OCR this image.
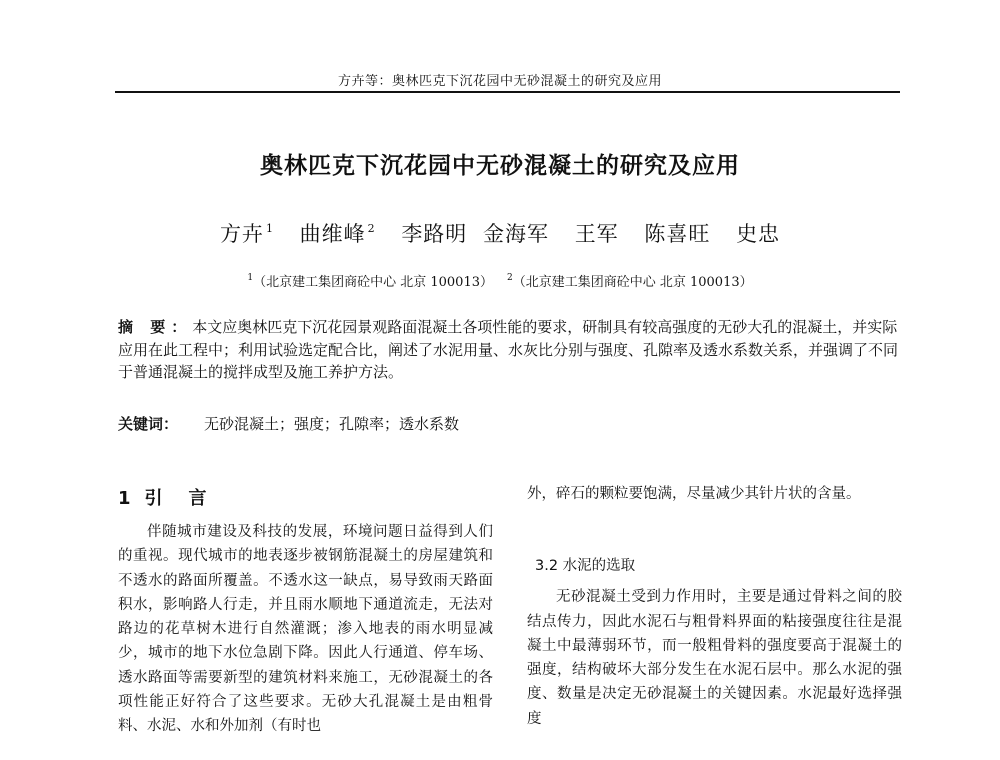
方卉等：奥林匹克下沉花园中无砂混凝土的研究及应用
奥林匹克下沉花园中无砂混凝土的研究及应用
方卉 $^1$ 曲维峰 $^2$ 李路明 金海军 王军 陈喜旺 史忠
$^1$（北京建工集团商砼中心 北京 100013） $^2$（北京建工集团商砼中心 北京 100013）
摘 要：本文应奥林匹克下沉花园景观路面混凝土各项性能的要求，研制具有较高强度的无砂大孔的混凝土，并实际应用在此工程中；利用试验选定配合比，阐述了水泥用量、水灰比分别与强度、孔隙率及透水系数关系，并强调了不同于普通混凝土的搅拌成型及施工养护方法。
关键词： 无砂混凝土；强度；孔隙率；透水系数
1 引言

伴随城市建设及科技的发展，环境问题日益得到人们的重视。现代城市的地表逐步被钢筋混凝土的房屋建筑和不透水的路面所覆盖。不透水这一缺点，易导致雨天路面积水，影响路人行走，并且雨水顺地下通道流走，无法对路边的花草树木进行自然灌溉；渗入地表的雨水明显减少，城市的地下水位急剧下降。因此人行通道、停车场、透水路面等需要新型的建筑材料来施工，无砂混凝土的各项性能正好符合了这些要求。无砂大孔混凝土是由粗骨料、水泥、水和外加剂（有时也

外，碎石的颗粒要饱满，尽量减少其针片状的含量。

3.2 水泥的选取

无砂混凝土受到力作用时，主要是通过骨料之间的胶结点传力，因此水泥石与粗骨料界面的粘接强度往往是混凝土中最薄弱环节，而一般粗骨料的强度要高于混凝土的强度，结构破坏大部分发生在水泥石层中。那么水泥的强度、数量是决定无砂混凝土的关键因素。水泥最好选择强度
